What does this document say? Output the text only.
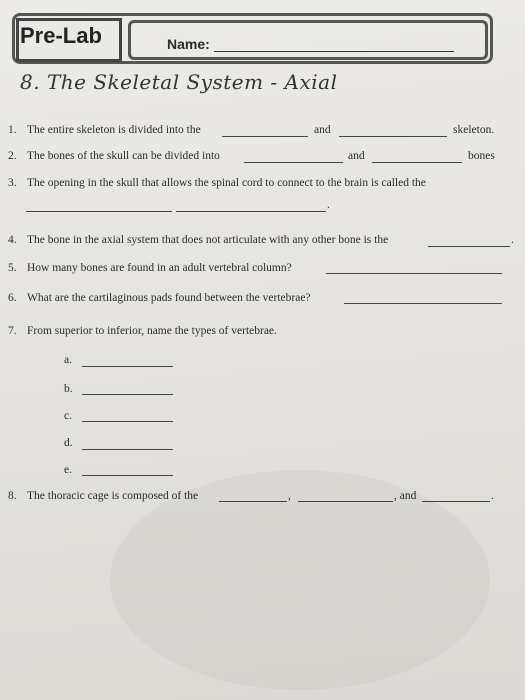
Pre-Lab	Name:
8. The Skeletal System - Axial
1. The entire skeleton is divided into the	and	skeleton.
2. The bones of the skull can be divided into	and	bones
3. The opening in the skull that allows the spinal cord to connect to the brain is called the
.
4. The bone in the axial system that does not articulate with any other bone is the	.
5. How many bones are found in an adult vertebral column?
6. What are the cartilaginous pads found between the vertebrae?
7. From superior to inferior, name the types of vertebrae.
a.
b.
c.
d.
e.
8. The thoracic cage is composed of the	,	, and	.
